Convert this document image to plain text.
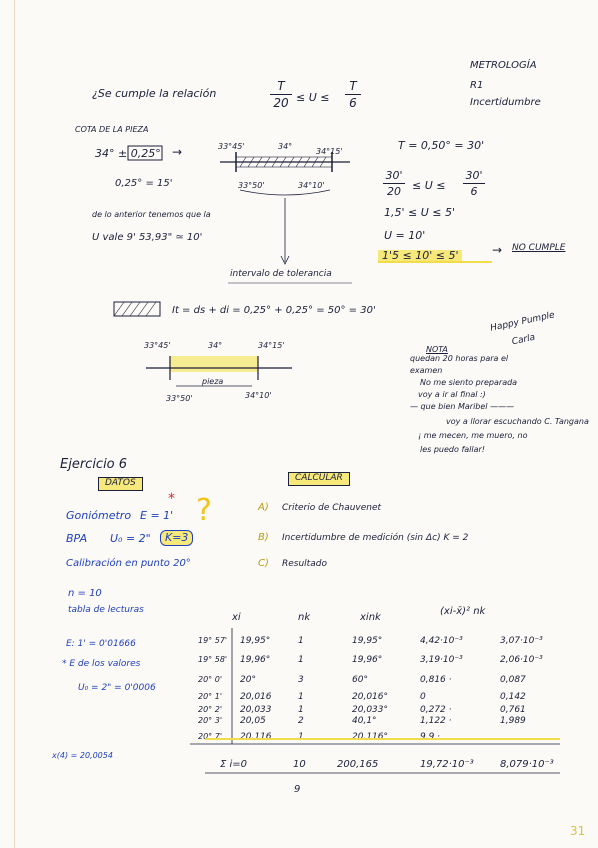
METROLOGÍA
R1
Incertidumbre
¿Se cumple la relación
T
20 ≤ U ≤
T
6
COTA DE LA PIEZA
34° ± 0,25° →
0,25° = 15'
33°45'	34°
34°15'
33°50'	34°10'
de lo anterior tenemos que la
U vale 9' 53,93" ≃ 10'
intervalo de tolerancia
T = 0,50° = 30'
30'
20	≤ U ≤
30'
6
1,5' ≤ U ≤ 5'
U = 10'
1'5 ≤ 10' ≤ 5'	→ NO CUMPLE
It = ds + di = 0,25° + 0,25° = 50° = 30'
33°45'	34°	34°15'
pieza
33°50'	34°10'
Happy Pumple
Carla
NOTA
quedan 20 horas para el
examen
No me siento preparada
voy a ir al final :)
— que bien Maribel ———
voy a llorar escuchando C. Tangana
¡ me mecen, me muero, no
les puedo fallar!
Ejercicio 6
DATOS	CALCULAR
Goniómetro E = 1'
BPA U₀ = 2"	K=3
Calibración en punto 20°
A) Criterio de Chauvenet
B) Incertidumbre de medición (sin Δc) K = 2
C) Resultado
n = 10
tabla de lecturas
E: 1' = 0'01666
* E de los valores
U₀ = 2" = 0'0006
x(4) = 20,0054
xi	nk	xink
(xi-x̄)² nk
19° 57' 19,95°	1	19,95°	4,42·10⁻³	3,07·10⁻³
19° 58' 19,96°	1	19,96°	3,19·10⁻³	2,06·10⁻³
20° 0' 20°	3	60°	0,816 ·	0,087
20° 1' 20,016	1	20,016°	0	0,142
20° 2' 20,033	1	20,033°	0,272 ·	0,761
20° 3' 20,05	2	40,1°	1,122 ·	1,989
20° 7' 20,116	1	20,116°	9,9 ·
Σ i=0	10	200,165	19,72·10⁻³	8,079·10⁻³
9
31
?
*
